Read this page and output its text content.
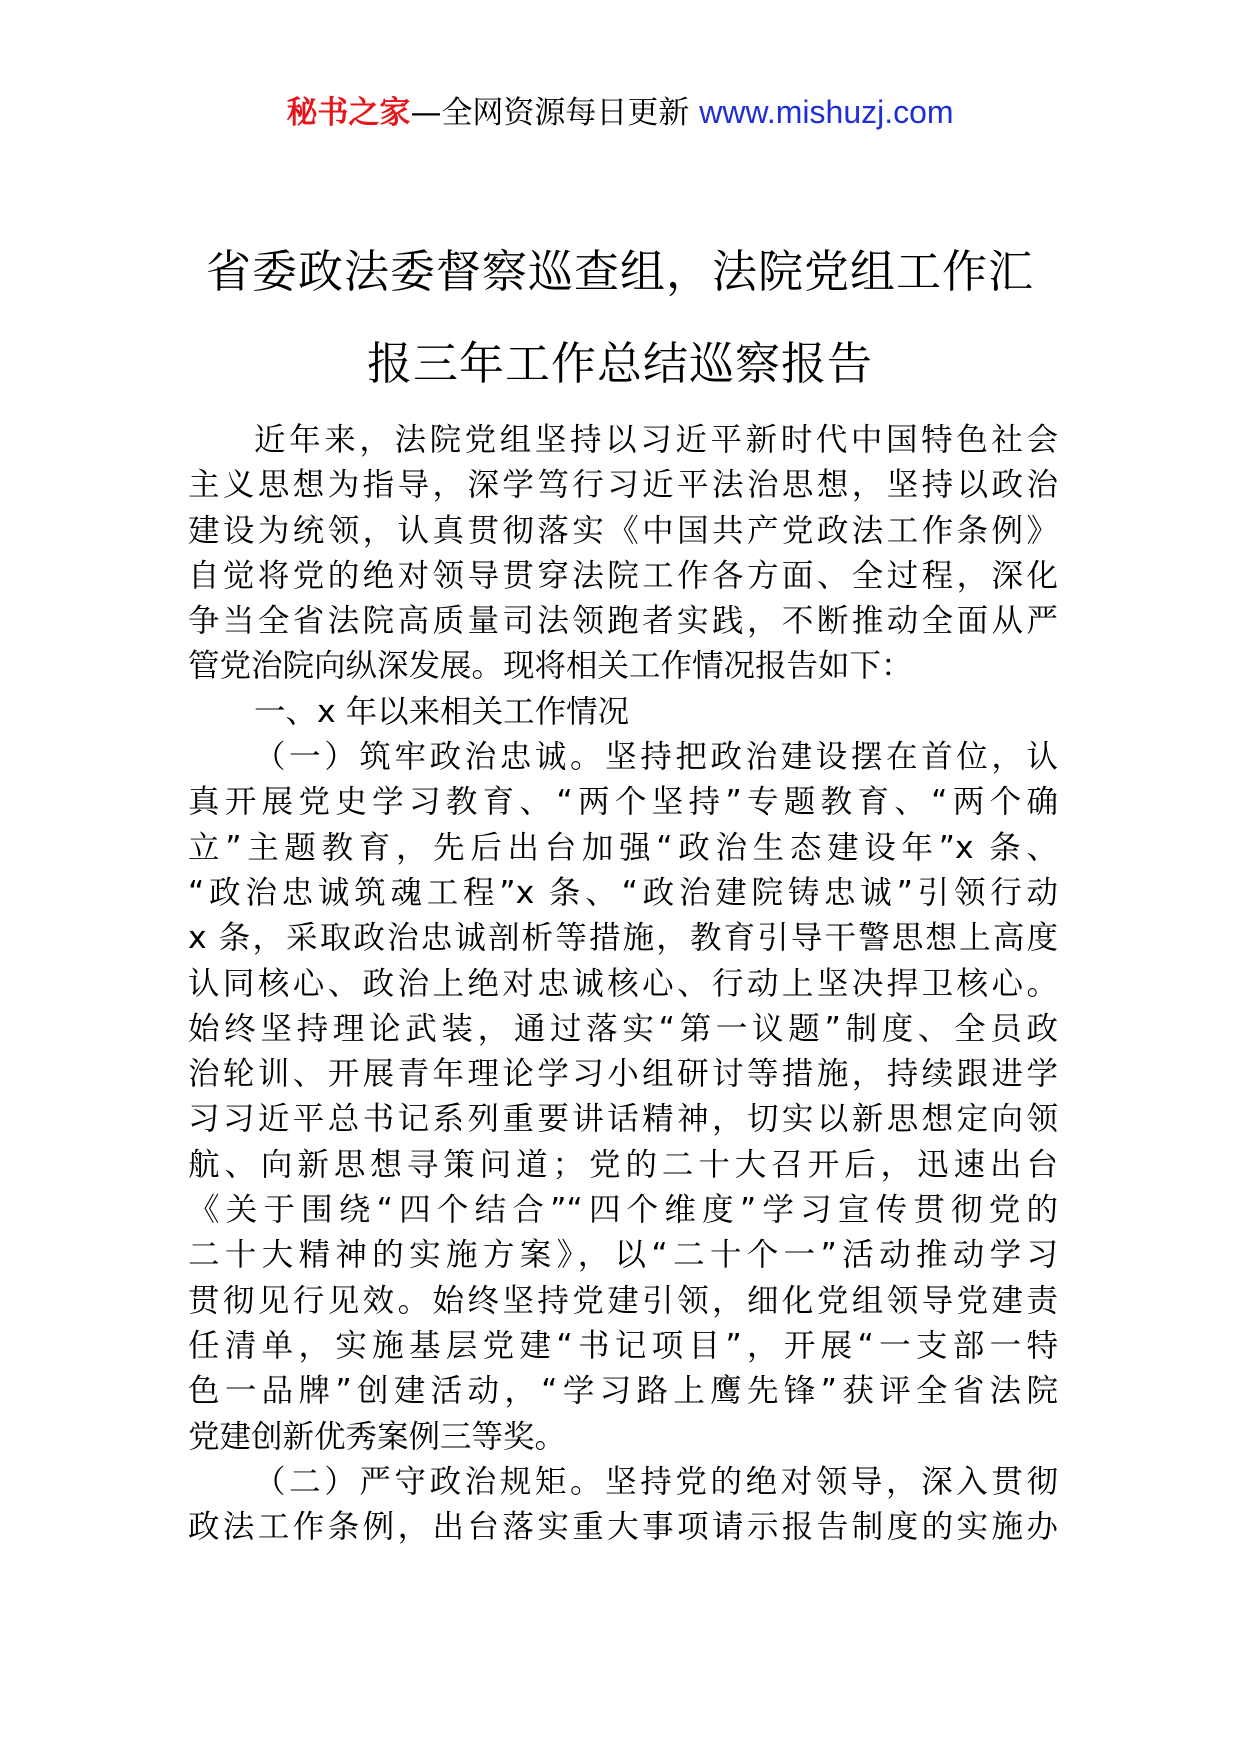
秘书之家—全网资源每日更新 www.mishuzj.com
省委政法委督察巡查组，法院党组工作汇
报三年工作总结巡察报告
近年来，法院党组坚持以习近平新时代中国特色社会
主义思想为指导，深学笃行习近平法治思想，坚持以政治
建设为统领，认真贯彻落实《中国共产党政法工作条例》
自觉将党的绝对领导贯穿法院工作各方面、全过程，深化
争当全省法院高质量司法领跑者实践，不断推动全面从严
管党治院向纵深发展。现将相关工作情况报告如下：
一、x 年以来相关工作情况
（一）筑牢政治忠诚。坚持把政治建设摆在首位，认
真开展党史学习教育、“两个坚持”专题教育、“两个确
立”主题教育，先后出台加强“政治生态建设年”x 条、
“政治忠诚筑魂工程”x 条、“政治建院铸忠诚”引领行动
x 条，采取政治忠诚剖析等措施，教育引导干警思想上高度
认同核心、政治上绝对忠诚核心、行动上坚决捍卫核心。
始终坚持理论武装，通过落实“第一议题”制度、全员政
治轮训、开展青年理论学习小组研讨等措施，持续跟进学
习习近平总书记系列重要讲话精神，切实以新思想定向领
航、向新思想寻策问道；党的二十大召开后，迅速出台
《关于围绕“四个结合”“四个维度”学习宣传贯彻党的
二十大精神的实施方案》，以“二十个一”活动推动学习
贯彻见行见效。始终坚持党建引领，细化党组领导党建责
任清单，实施基层党建“书记项目”，开展“一支部一特
色一品牌”创建活动，“学习路上鹰先锋”获评全省法院
党建创新优秀案例三等奖。
（二）严守政治规矩。坚持党的绝对领导，深入贯彻
政法工作条例，出台落实重大事项请示报告制度的实施办
